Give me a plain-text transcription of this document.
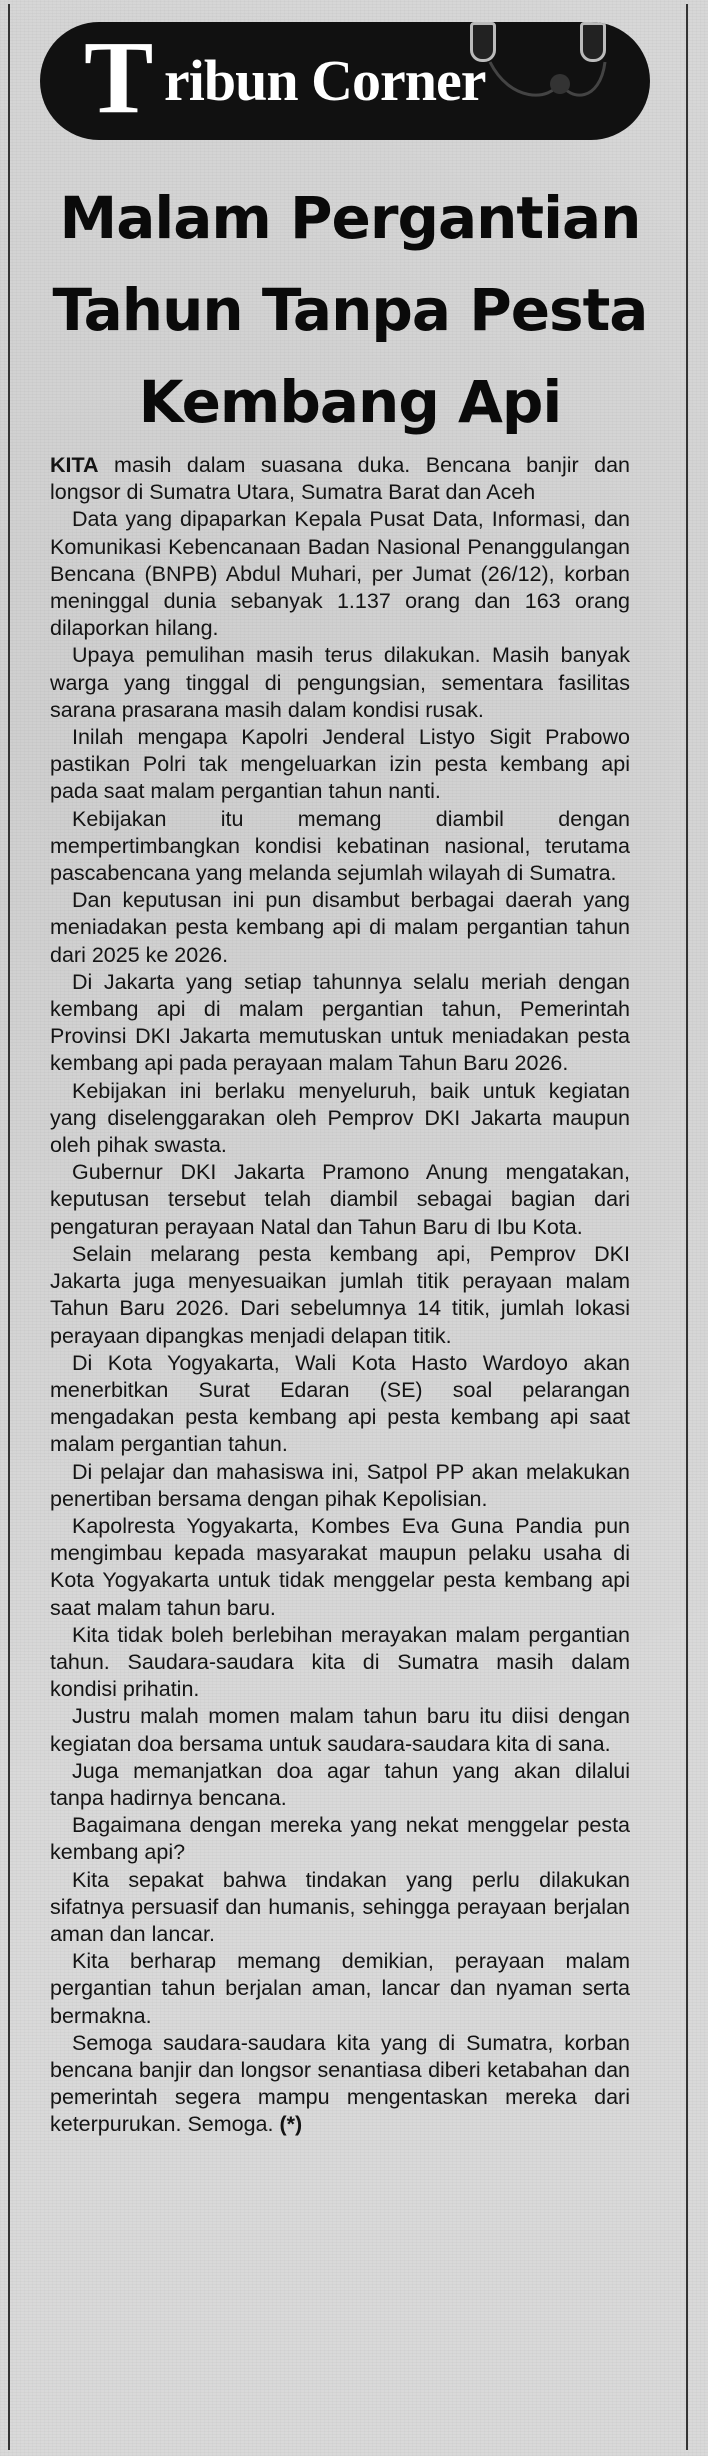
T ribun Corner
Malam Pergantian
Tahun Tanpa Pesta
Kembang Api

KITA masih dalam suasana duka. Bencana banjir dan longsor di Sumatra Utara, Sumatra Barat dan Aceh

Data yang dipaparkan Kepala Pusat Data, Informasi, dan Komunikasi Kebencanaan Badan Nasional Penanggulangan Bencana (BNPB) Abdul Muhari, per Jumat (26/12), korban meninggal dunia sebanyak 1.137 orang dan 163 orang dilaporkan hilang.

Upaya pemulihan masih terus dilakukan. Masih banyak warga yang tinggal di pengungsian, sementara fasilitas sarana prasarana masih dalam kondisi rusak.

Inilah mengapa Kapolri Jenderal Listyo Sigit Prabowo pastikan Polri tak mengeluarkan izin pesta kembang api pada saat malam pergantian tahun nanti.

Kebijakan itu memang diambil dengan mempertimbangkan kondisi kebatinan nasional, terutama pascabencana yang melanda sejumlah wilayah di Sumatra.

Dan keputusan ini pun disambut berbagai daerah yang meniadakan pesta kembang api di malam pergantian tahun dari 2025 ke 2026.

Di Jakarta yang setiap tahunnya selalu meriah dengan kembang api di malam pergantian tahun, Pemerintah Provinsi DKI Jakarta memutuskan untuk meniadakan pesta kembang api pada perayaan malam Tahun Baru 2026.

Kebijakan ini berlaku menyeluruh, baik untuk kegiatan yang diselenggarakan oleh Pemprov DKI Jakarta maupun oleh pihak swasta.

Gubernur DKI Jakarta Pramono Anung mengatakan, keputusan tersebut telah diambil sebagai bagian dari pengaturan perayaan Natal dan Tahun Baru di Ibu Kota.

Selain melarang pesta kembang api, Pemprov DKI Jakarta juga menyesuaikan jumlah titik perayaan malam Tahun Baru 2026. Dari sebelumnya 14 titik, jumlah lokasi perayaan dipangkas menjadi delapan titik.

Di Kota Yogyakarta, Wali Kota Hasto Wardoyo akan menerbitkan Surat Edaran (SE) soal pelarangan mengadakan pesta kembang api pesta kembang api saat malam pergantian tahun.

Di pelajar dan mahasiswa ini, Satpol PP akan melakukan penertiban bersama dengan pihak Kepolisian.

Kapolresta Yogyakarta, Kombes Eva Guna Pandia pun mengimbau kepada masyarakat maupun pelaku usaha di Kota Yogyakarta untuk tidak menggelar pesta kembang api saat malam tahun baru.

Kita tidak boleh berlebihan merayakan malam pergantian tahun. Saudara-saudara kita di Sumatra masih dalam kondisi prihatin.

Justru malah momen malam tahun baru itu diisi dengan kegiatan doa bersama untuk saudara-saudara kita di sana.

Juga memanjatkan doa agar tahun yang akan dilalui tanpa hadirnya bencana.

Bagaimana dengan mereka yang nekat menggelar pesta kembang api?

Kita sepakat bahwa tindakan yang perlu dilakukan sifatnya persuasif dan humanis, sehingga perayaan berjalan aman dan lancar.

Kita berharap memang demikian, perayaan malam pergantian tahun berjalan aman, lancar dan nyaman serta bermakna.

Semoga saudara-saudara kita yang di Sumatra, korban bencana banjir dan longsor senantiasa diberi ketabahan dan pemerintah segera mampu mengentaskan mereka dari keterpurukan. Semoga. (*)
